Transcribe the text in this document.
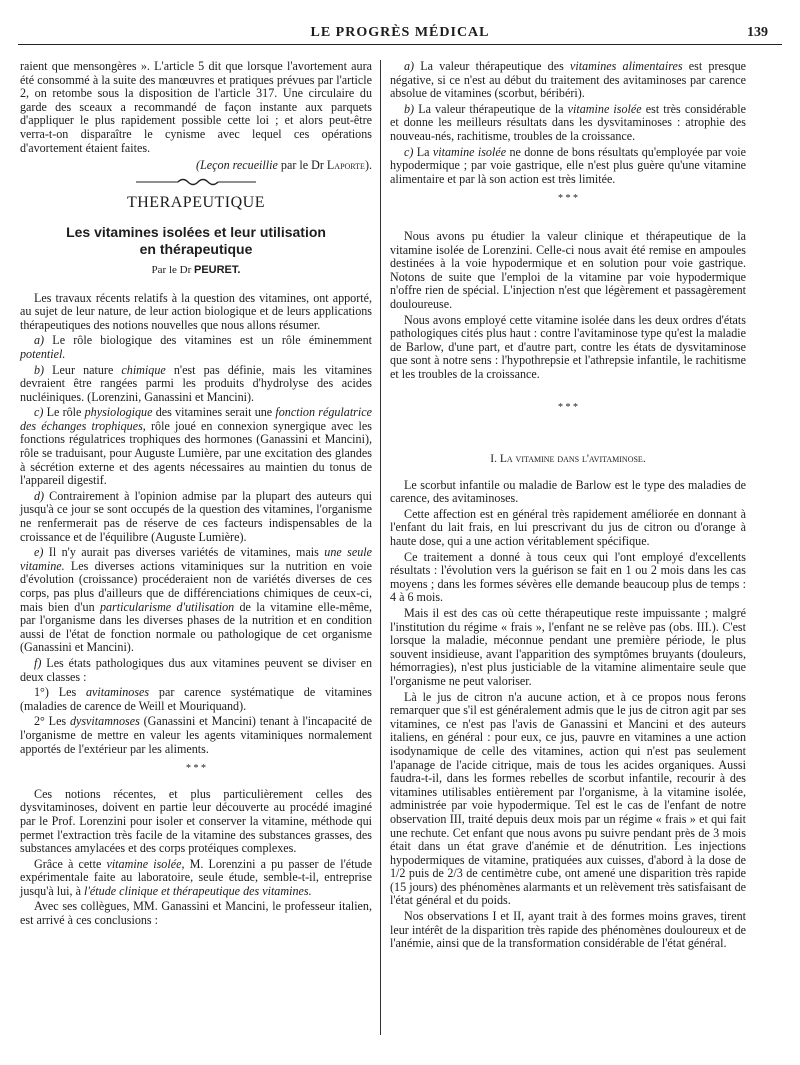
LE PROGRÈS MÉDICAL	139

raient que mensongères ». L'article 5 dit que lorsque l'avortement aura été consommé à la suite des manœuvres et pratiques prévues par l'article 2, on retombe sous la disposition de l'article 317. Une circulaire du garde des sceaux a recommandé de façon instante aux parquets d'appliquer le plus rapidement possible cette loi ; et alors peut-être verra-t-on disparaître le cynisme avec lequel ces opérations d'avortement étaient faites.

(Leçon recueillie par le Dr Laporte).

THERAPEUTIQUE
Les vitamines isolées et leur utilisation
en thérapeutique
Par le Dr PEURET.

Les travaux récents relatifs à la question des vitamines, ont apporté, au sujet de leur nature, de leur action biologique et de leurs applications thérapeutiques des notions nouvelles que nous allons résumer.

a) Le rôle biologique des vitamines est un rôle éminemment potentiel.

b) Leur nature chimique n'est pas définie, mais les vitamines devraient être rangées parmi les produits d'hydrolyse des acides nucléiniques. (Lorenzini, Ganassini et Mancini).

c) Le rôle physiologique des vitamines serait une fonction régulatrice des échanges trophiques, rôle joué en connexion synergique avec les fonctions régulatrices trophiques des hormones (Ganassini et Mancini), rôle se traduisant, pour Auguste Lumière, par une excitation des glandes à sécrétion externe et des agents nécessaires au maintien du tonus de l'appareil digestif.

d) Contrairement à l'opinion admise par la plupart des auteurs qui jusqu'à ce jour se sont occupés de la question des vitamines, l'organisme ne renfermerait pas de réserve de ces facteurs indispensables de la croissance et de l'équilibre (Auguste Lumière).

e) Il n'y aurait pas diverses variétés de vitamines, mais une seule vitamine. Les diverses actions vitaminiques sur la nutrition en voie d'évolution (croissance) procéderaient non de variétés diverses de ces corps, pas plus d'ailleurs que de différenciations chimiques de ceux-ci, mais bien d'un particularisme d'utilisation de la vitamine elle-même, par l'organisme dans les diverses phases de la nutrition et en condition aussi de l'état de fonction normale ou pathologique de cet organisme (Ganassini et Mancini).

f) Les états pathologiques dus aux vitamines peuvent se diviser en deux classes :

1°) Les avitaminoses par carence systématique de vitamines (maladies de carence de Weill et Mouriquand).

2° Les dysvitamnoses (Ganassini et Mancini) tenant à l'incapacité de l'organisme de mettre en valeur les agents vitaminiques normalement apportés de l'extérieur par les aliments.

* * *

Ces notions récentes, et plus particulièrement celles des dysvitaminoses, doivent en partie leur découverte au procédé imaginé par le Prof. Lorenzini pour isoler et conserver la vitamine, méthode qui permet l'extraction très facile de la vitamine des substances grasses, des substances amylacées et des corps protéiques complexes.

Grâce à cette vitamine isolée, M. Lorenzini a pu passer de l'étude expérimentale faite au laboratoire, seule étude, semble-t-il, entreprise jusqu'à lui, à l'étude clinique et thérapeutique des vitamines.

Avec ses collègues, MM. Ganassini et Mancini, le professeur italien, est arrivé à ces conclusions :

a) La valeur thérapeutique des vitamines alimentaires est presque négative, si ce n'est au début du traitement des avitaminoses par carence absolue de vitamines (scorbut, béribéri).

b) La valeur thérapeutique de la vitamine isolée est très considérable et donne les meilleurs résultats dans les dysvitaminoses : atrophie des nouveau-nés, rachitisme, troubles de la croissance.

c) La vitamine isolée ne donne de bons résultats qu'employée par voie hypodermique ; par voie gastrique, elle n'est plus guère qu'une vitamine alimentaire et par là son action est très limitée.

* * *

Nous avons pu étudier la valeur clinique et thérapeutique de la vitamine isolée de Lorenzini. Celle-ci nous avait été remise en ampoules destinées à la voie hypodermique et en solution pour voie gastrique. Notons de suite que l'emploi de la vitamine par voie hypodermique n'offre rien de spécial. L'injection n'est que légèrement et passagèrement douloureuse.

Nous avons employé cette vitamine isolée dans les deux ordres d'états pathologiques cités plus haut : contre l'avitaminose type qu'est la maladie de Barlow, d'une part, et d'autre part, contre les états de dysvitaminose que sont à notre sens : l'hypothrepsie et l'athrepsie infantile, le rachitisme et les troubles de la croissance.

* * *
I. La vitamine dans l'avitaminose.

Le scorbut infantile ou maladie de Barlow est le type des maladies de carence, des avitaminoses.

Cette affection est en général très rapidement améliorée en donnant à l'enfant du lait frais, en lui prescrivant du jus de citron ou d'orange à haute dose, qui a une action véritablement spécifique.

Ce traitement a donné à tous ceux qui l'ont employé d'excellents résultats : l'évolution vers la guérison se fait en 1 ou 2 mois dans les cas moyens ; dans les formes sévères elle demande beaucoup plus de temps : 4 à 6 mois.

Mais il est des cas où cette thérapeutique reste impuissante ; malgré l'institution du régime « frais », l'enfant ne se relève pas (obs. III.). C'est lorsque la maladie, méconnue pendant une première période, le plus souvent insidieuse, avant l'apparition des symptômes bruyants (douleurs, hémorragies), n'est plus justiciable de la vitamine alimentaire seule que l'organisme ne peut valoriser.

Là le jus de citron n'a aucune action, et à ce propos nous ferons remarquer que s'il est généralement admis que le jus de citron agit par ses vitamines, ce n'est pas l'avis de Ganassini et Mancini et des auteurs italiens, en général : pour eux, ce jus, pauvre en vitamines a une action isodynamique de celle des vitamines, action qui n'est pas seulement l'apanage de l'acide citrique, mais de tous les acides organiques. Aussi faudra-t-il, dans les formes rebelles de scorbut infantile, recourir à des vitamines utilisables entièrement par l'organisme, à la vitamine isolée, administrée par voie hypodermique. Tel est le cas de l'enfant de notre observation III, traité depuis deux mois par un régime « frais » et qui fait une rechute. Cet enfant que nous avons pu suivre pendant près de 3 mois était dans un état grave d'anémie et de dénutrition. Les injections hypodermiques de vitamine, pratiquées aux cuisses, d'abord à la dose de 1/2 puis de 2/3 de centimètre cube, ont amené une disparition très rapide (15 jours) des phénomènes alarmants et un relèvement très satisfaisant de l'état général et du poids.

Nos observations I et II, ayant trait à des formes moins graves, tirent leur intérêt de la disparition très rapide des phénomènes douloureux et de l'anémie, ainsi que de la transformation considérable de l'état général.
